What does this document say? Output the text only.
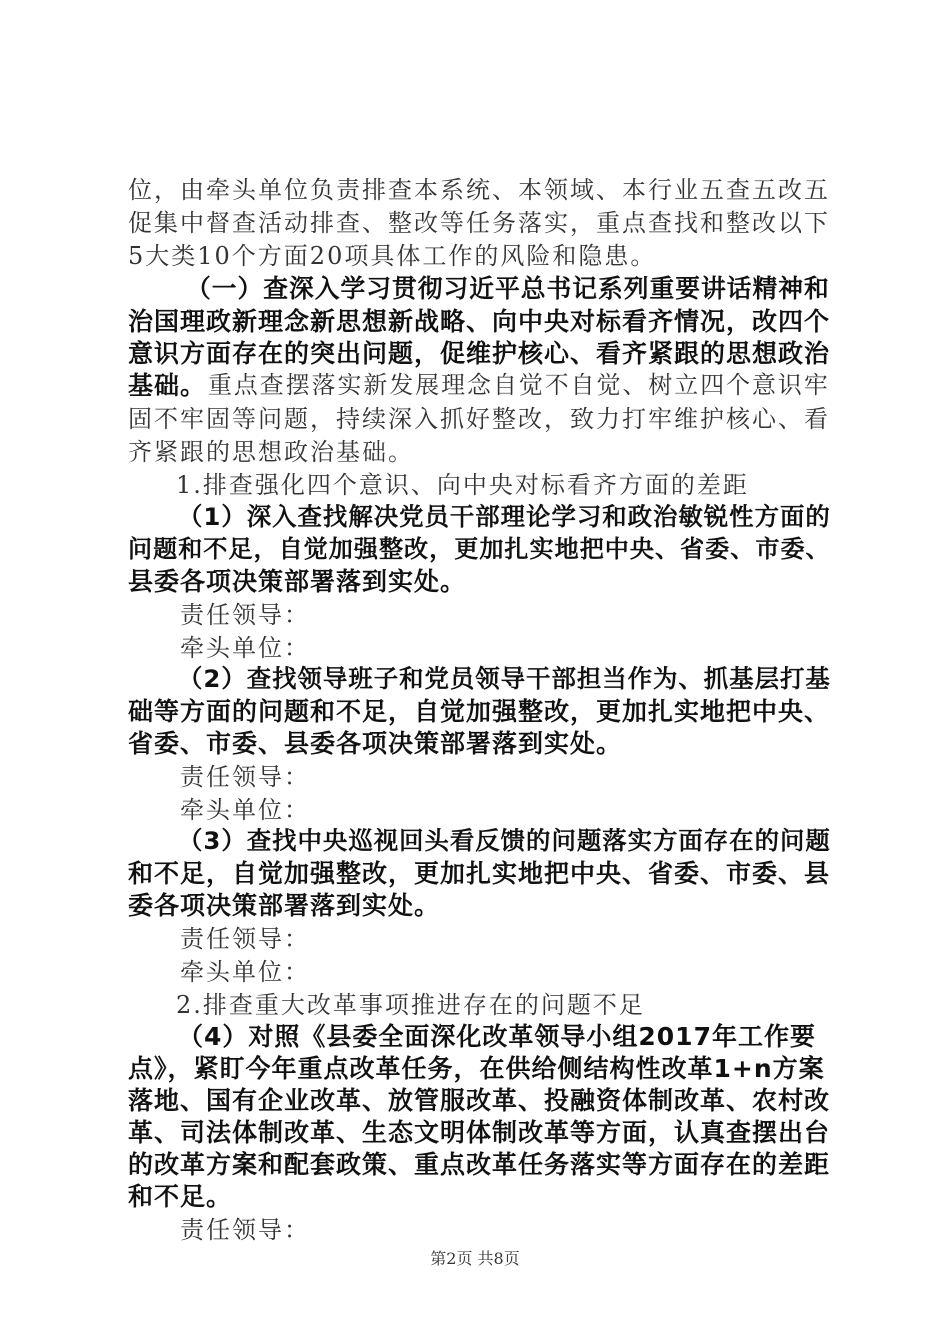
位，由牵头单位负责排查本系统、本领域、本行业五查五改五
促集中督查活动排查、整改等任务落实，重点查找和整改以下
5大类10个方面20项具体工作的风险和隐患。
（一）查深入学习贯彻习近平总书记系列重要讲话精神和
治国理政新理念新思想新战略、向中央对标看齐情况，改四个
意识方面存在的突出问题，促维护核心、看齐紧跟的思想政治
基础。 重点查摆落实新发展理念自觉不自觉、树立四个意识牢
固不牢固等问题，持续深入抓好整改，致力打牢维护核心、看
齐紧跟的思想政治基础。
1.排查强化四个意识、向中央对标看齐方面的差距
（1）深入查找解决党员干部理论学习和政治敏锐性方面的
问题和不足，自觉加强整改，更加扎实地把中央、省委、市委、
县委各项决策部署落到实处。
责任领导：
牵头单位：
（2）查找领导班子和党员领导干部担当作为、抓基层打基
础等方面的问题和不足，自觉加强整改，更加扎实地把中央、
省委、市委、县委各项决策部署落到实处。
责任领导：
牵头单位：
（3）查找中央巡视回头看反馈的问题落实方面存在的问题
和不足，自觉加强整改，更加扎实地把中央、省委、市委、县
委各项决策部署落到实处。
责任领导：
牵头单位：
2.排查重大改革事项推进存在的问题不足
（4）对照《县委全面深化改革领导小组2017年工作要
点》，紧盯今年重点改革任务，在供给侧结构性改革1+n方案
落地、国有企业改革、放管服改革、投融资体制改革、农村改
革、司法体制改革、生态文明体制改革等方面，认真查摆出台
的改革方案和配套政策、重点改革任务落实等方面存在的差距
和不足。
责任领导：
第2页 共8页
